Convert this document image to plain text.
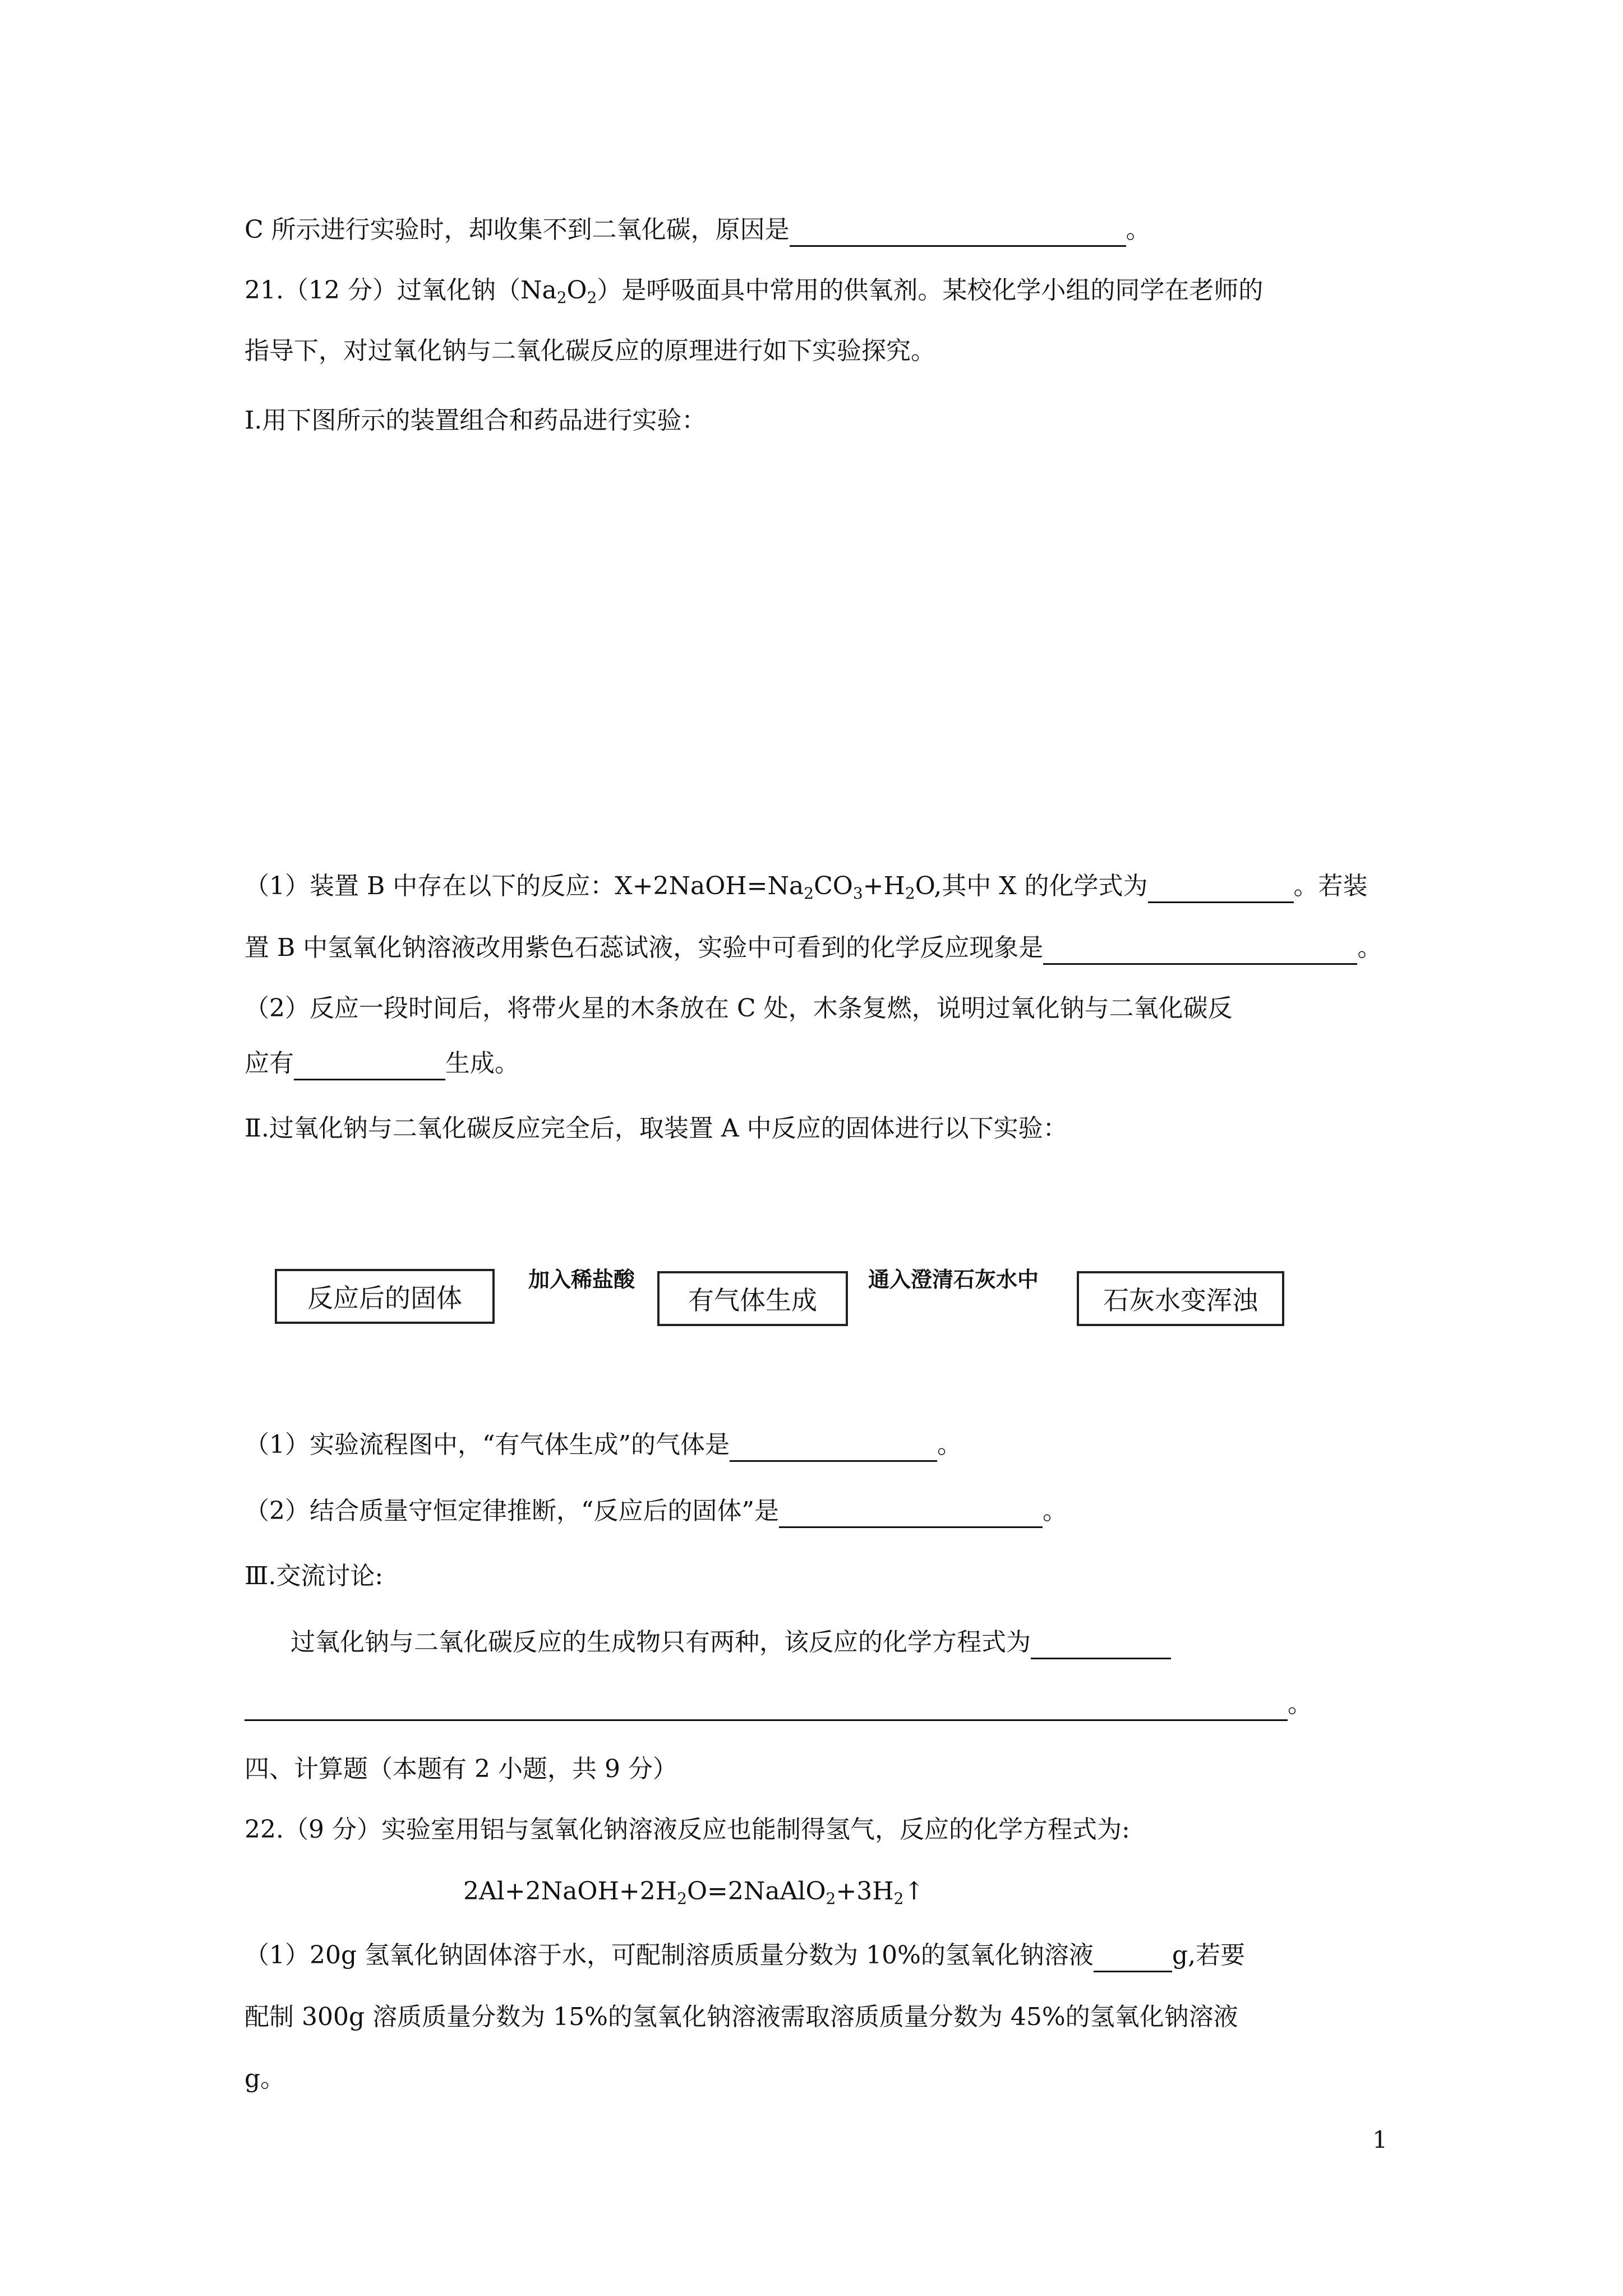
C 所示进行实验时，却收集不到二氧化碳，原因是	。
21.（12 分）过氧化钠$(Na_2O_2)$是呼吸面具中常用的供氧剂。某校化学小组的同学在老师的
指导下，对过氧化钠与二氧化碳反应的原理进行如下实验探究。
Ⅰ.用下图所示的装置组合和药品进行实验：
（1）装置 B 中存在以下的反应：$X+2NaOH=Na_2CO_3+H_2O$,其中 X 的化学式为	。若装
置 B 中氢氧化钠溶液改用紫色石蕊试液，实验中可看到的化学反应现象是	。
（2）反应一段时间后，将带火星的木条放在 C 处，木条复燃，说明过氧化钠与二氧化碳反
应有	生成。
Ⅱ.过氧化钠与二氧化碳反应完全后，取装置 A 中反应的固体进行以下实验：
反应后的固体
加入稀盐酸
有气体生成
通入澄清石灰水中
石灰水变浑浊
（1）实验流程图中，“有气体生成”的气体是	。
（2）结合质量守恒定律推断，“反应后的固体”是	。
Ⅲ.交流讨论:
过氧化钠与二氧化碳反应的生成物只有两种，该反应的化学方程式为
。
四、计算题（本题有 2 小题，共 9 分）
22.（9 分）实验室用铝与氢氧化钠溶液反应也能制得氢气，反应的化学方程式为:
$2Al+2NaOH+2H_2O=2NaAlO_2+3H_2↑$
（1）20g 氢氧化钠固体溶于水，可配制溶质质量分数为 10%的氢氧化钠溶液	g,若要
配制 300g 溶质质量分数为 15%的氢氧化钠溶液需取溶质质量分数为 45%的氢氧化钠溶液
g。
1
